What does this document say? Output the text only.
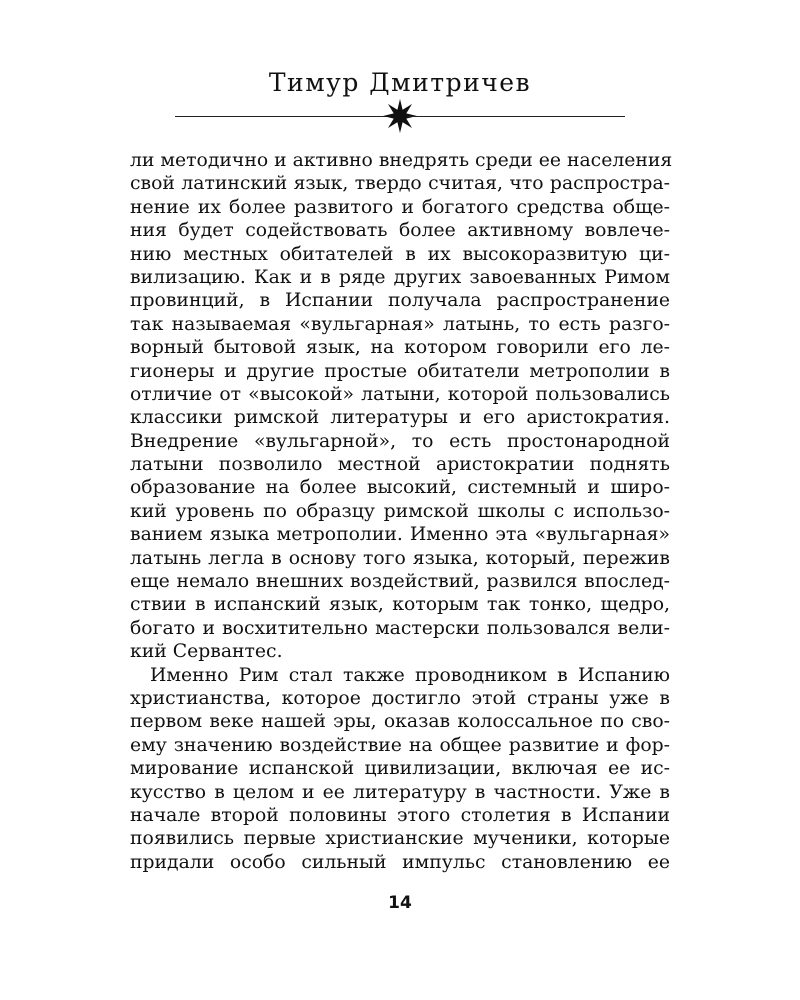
Тимур Дмитричев
ли методично и активно внедрять среди ее населения
свой латинский язык, твердо считая, что распростра-
нение их более развитого и богатого средства обще-
ния будет содействовать более активному вовлече-
нию местных обитателей в их высокоразвитую ци-
вилизацию. Как и в ряде других завоеванных Римом
провинций, в Испании получала распространение
так называемая «вульгарная» латынь, то есть разго-
ворный бытовой язык, на котором говорили его ле-
гионеры и другие простые обитатели метрополии в
отличие от «высокой» латыни, которой пользовались
классики римской литературы и его аристократия.
Внедрение «вульгарной», то есть простонародной
латыни позволило местной аристократии поднять
образование на более высокий, системный и широ-
кий уровень по образцу римской школы с использо-
ванием языка метрополии. Именно эта «вульгарная»
латынь легла в основу того языка, который, пережив
еще немало внешних воздействий, развился впослед-
ствии в испанский язык, которым так тонко, щедро,
богато и восхитительно мастерски пользовался вели-
кий Сервантес.
Именно Рим стал также проводником в Испанию
христианства, которое достигло этой страны уже в
первом веке нашей эры, оказав колоссальное по сво-
ему значению воздействие на общее развитие и фор-
мирование испанской цивилизации, включая ее ис-
кусство в целом и ее литературу в частности. Уже в
начале второй половины этого столетия в Испании
появились первые христианские мученики, которые
придали особо сильный импульс становлению ее
14
